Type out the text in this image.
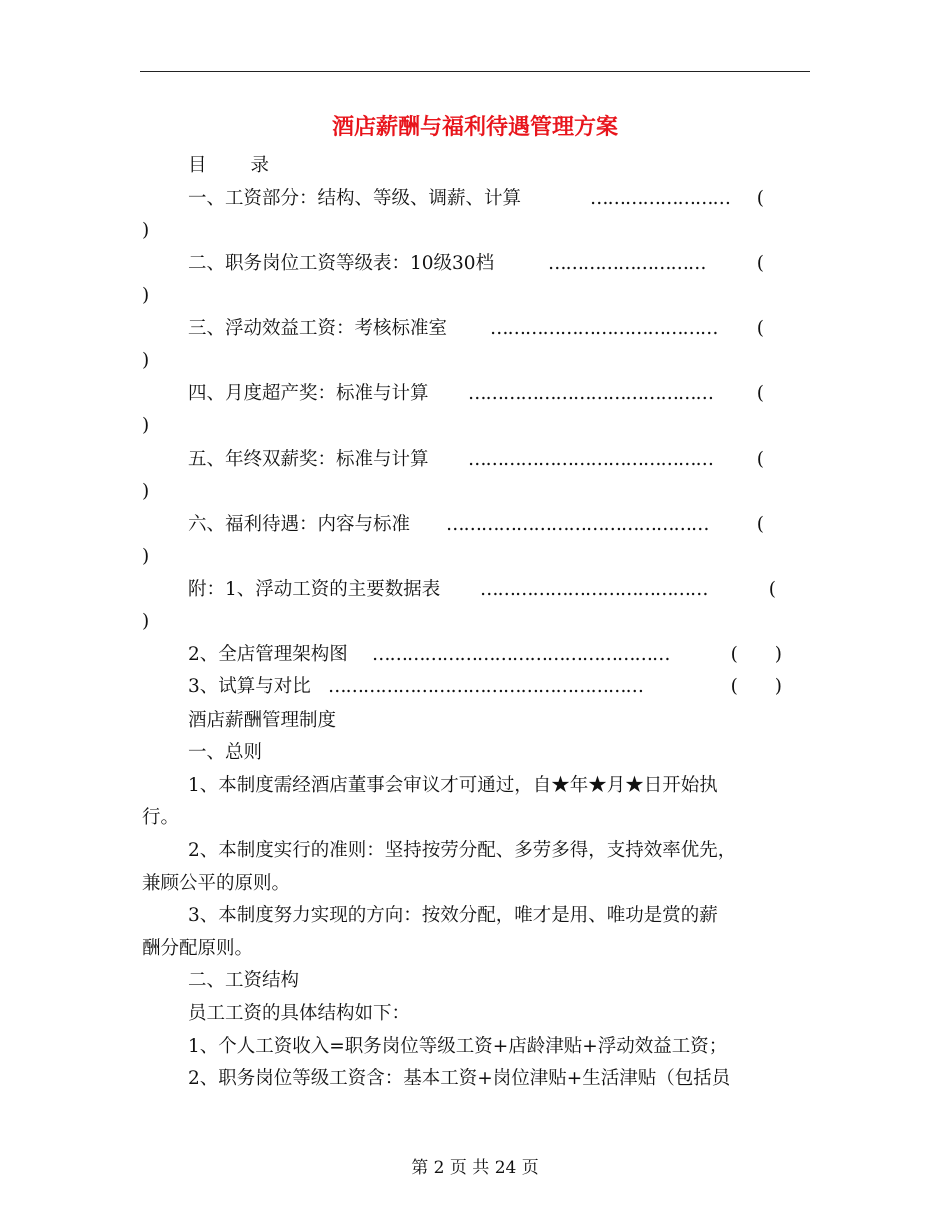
酒店薪酬与福利待遇管理方案
目 录
一、工资部分：结构、等级、调薪、计算	……………………	(
)
二、职务岗位工资等级表：10级30档	………………………	(
)
三、浮动效益工资：考核标准室 …………………………………	(
)
四、月度超产奖：标准与计算 ……………………………………	(
)
五、年终双薪奖：标准与计算 ……………………………………	(
)
六、福利待遇：内容与标准 ………………………………………	(
)
附：1、浮动工资的主要数据表 …………………………………	(
)
2、全店管理架构图 ……………………………………………	(　　)
3、试算与对比 ………………………………………………	(　　)
酒店薪酬管理制度
一、总则
1、本制度需经酒店董事会审议才可通过，自★年★月★日开始执
行。
2、本制度实行的准则：坚持按劳分配、多劳多得，支持效率优先，
兼顾公平的原则。
3、本制度努力实现的方向：按效分配，唯才是用、唯功是赏的薪
酬分配原则。
二、工资结构
员工工资的具体结构如下：
1、个人工资收入=职务岗位等级工资+店龄津贴+浮动效益工资；
2、职务岗位等级工资含：基本工资+岗位津贴+生活津贴（包括员
第 2 页 共 24 页
